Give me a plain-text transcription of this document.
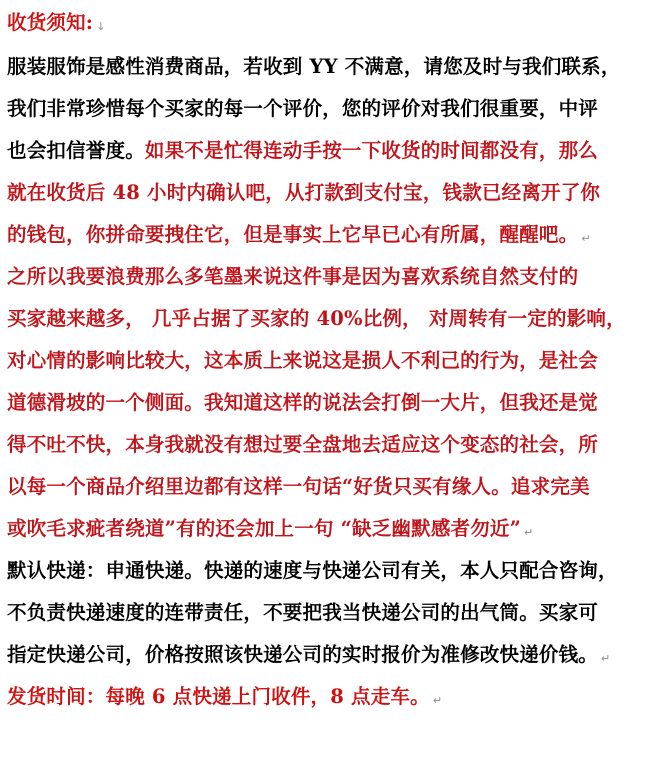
收货须知: ↓
服装服饰是感性消费商品，若收到 YY 不满意，请您及时与我们联系，
我们非常珍惜每个买家的每一个评价，您的评价对我们很重要，中评
也会扣信誉度。如果不是忙得连动手按一下收货的时间都没有，那么
就在收货后 48 小时内确认吧，从打款到支付宝，钱款已经离开了你
的钱包，你拼命要拽住它，但是事实上它早已心有所属，醒醒吧。 ↵
之所以我要浪费那么多笔墨来说这件事是因为喜欢系统自然支付的
买家越来越多， 几乎占据了买家的 40%比例， 对周转有一定的影响，
对心情的影响比较大，这本质上来说这是损人不利己的行为，是社会
道德滑坡的一个侧面。我知道这样的说法会打倒一大片，但我还是觉
得不吐不快，本身我就没有想过要全盘地去适应这个变态的社会，所
以每一个商品介绍里边都有这样一句话“好货只买有缘人。追求完美
或吹毛求疵者绕道”有的还会加上一句 “缺乏幽默感者勿近” ↵
默认快递：申通快递。快递的速度与快递公司有关，本人只配合咨询，
不负责快递速度的连带责任，不要把我当快递公司的出气筒。买家可
指定快递公司，价格按照该快递公司的实时报价为准修改快递价钱。 ↵
发货时间：每晚 6 点快递上门收件，8 点走车。 ↵
